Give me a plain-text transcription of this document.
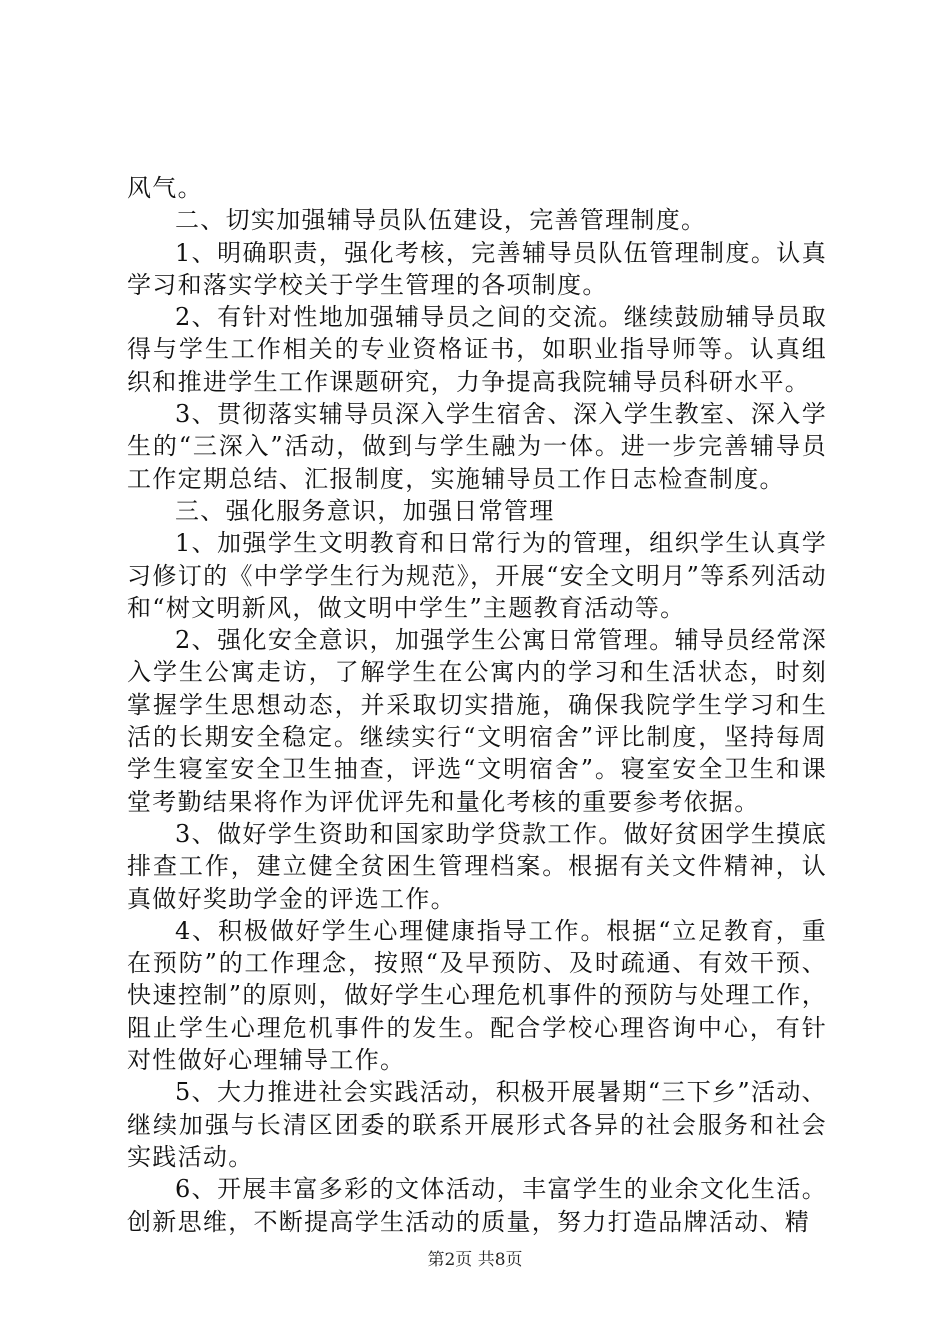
风气。

二、切实加强辅导员队伍建设，完善管理制度。

1、明确职责，强化考核，完善辅导员队伍管理制度。认真学习和落实学校关于学生管理的各项制度。

2、有针对性地加强辅导员之间的交流。继续鼓励辅导员取得与学生工作相关的专业资格证书，如职业指导师等。认真组织和推进学生工作课题研究，力争提高我院辅导员科研水平。

3、贯彻落实辅导员深入学生宿舍、深入学生教室、深入学生的“三深入”活动，做到与学生融为一体。进一步完善辅导员工作定期总结、汇报制度，实施辅导员工作日志检查制度。

三、强化服务意识，加强日常管理

1、加强学生文明教育和日常行为的管理，组织学生认真学习修订的《中学学生行为规范》，开展“安全文明月”等系列活动和“树文明新风，做文明中学生”主题教育活动等。

2、强化安全意识，加强学生公寓日常管理。辅导员经常深入学生公寓走访，了解学生在公寓内的学习和生活状态，时刻掌握学生思想动态，并采取切实措施，确保我院学生学习和生活的长期安全稳定。继续实行“文明宿舍”评比制度，坚持每周学生寝室安全卫生抽查，评选“文明宿舍”。寝室安全卫生和课堂考勤结果将作为评优评先和量化考核的重要参考依据。

3、做好学生资助和国家助学贷款工作。做好贫困学生摸底排查工作，建立健全贫困生管理档案。根据有关文件精神，认真做好奖助学金的评选工作。

4、积极做好学生心理健康指导工作。根据“立足教育，重在预防”的工作理念，按照“及早预防、及时疏通、有效干预、快速控制”的原则，做好学生心理危机事件的预防与处理工作，阻止学生心理危机事件的发生。配合学校心理咨询中心，有针对性做好心理辅导工作。

5、大力推进社会实践活动，积极开展暑期“三下乡”活动、继续加强与长清区团委的联系开展形式各异的社会服务和社会实践活动。

6、开展丰富多彩的文体活动，丰富学生的业余文化生活。创新思维，不断提高学生活动的质量，努力打造品牌活动、精

第2页 共8页
